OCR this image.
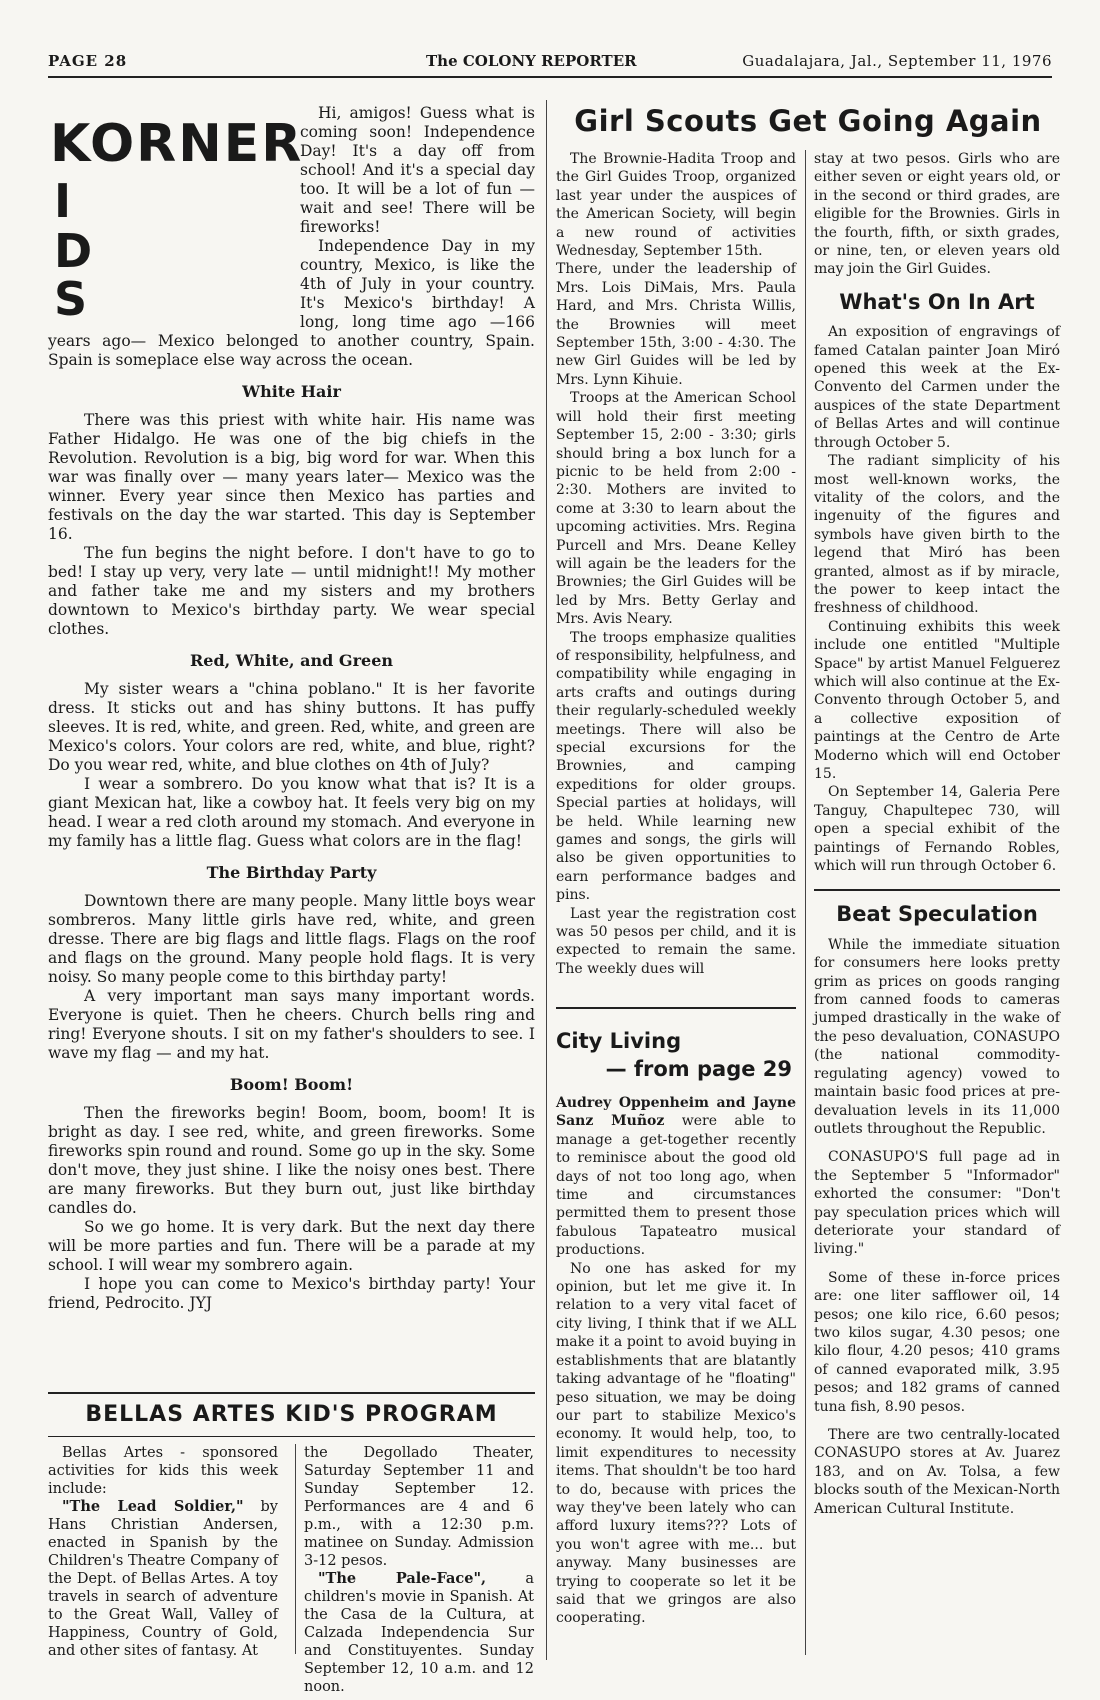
PAGE 28	The COLONY REPORTER	Guadalajara, Jal., September 11, 1976
KORNER
I
D
S

Hi, amigos! Guess what is coming soon! Independence Day! It's a day off from school! And it's a special day too. It will be a lot of fun — wait and see! There will be fireworks!

Independence Day in my country, Mexico, is like the 4th of July in your country. It's Mexico's birthday! A long, long time ago —166 years ago— Mexico belonged to another country, Spain. Spain is someplace else way across the ocean.

White Hair

There was this priest with white hair. His name was Father Hidalgo. He was one of the big chiefs in the Revolution. Revolution is a big, big word for war. When this war was finally over — many years later— Mexico was the winner. Every year since then Mexico has parties and festivals on the day the war started. This day is September 16.

The fun begins the night before. I don't have to go to bed! I stay up very, very late — until midnight!! My mother and father take me and my sisters and my brothers downtown to Mexico's birthday party. We wear special clothes.

Red, White, and Green

My sister wears a "china poblano." It is her favorite dress. It sticks out and has shiny buttons. It has puffy sleeves. It is red, white, and green. Red, white, and green are Mexico's colors. Your colors are red, white, and blue, right? Do you wear red, white, and blue clothes on 4th of July?

I wear a sombrero. Do you know what that is? It is a giant Mexican hat, like a cowboy hat. It feels very big on my head. I wear a red cloth around my stomach. And everyone in my family has a little flag. Guess what colors are in the flag!

The Birthday Party

Downtown there are many people. Many little boys wear sombreros. Many little girls have red, white, and green dresse. There are big flags and little flags. Flags on the roof and flags on the ground. Many people hold flags. It is very noisy. So many people come to this birthday party!

A very important man says many important words. Everyone is quiet. Then he cheers. Church bells ring and ring! Everyone shouts. I sit on my father's shoulders to see. I wave my flag — and my hat.

Boom! Boom!

Then the fireworks begin! Boom, boom, boom! It is bright as day. I see red, white, and green fireworks. Some fireworks spin round and round. Some go up in the sky. Some don't move, they just shine. I like the noisy ones best. There are many fireworks. But they burn out, just like birthday candles do.

So we go home. It is very dark. But the next day there will be more parties and fun. There will be a parade at my school. I will wear my sombrero again.

I hope you can come to Mexico's birthday party! Your friend, Pedrocito. JYJ

BELLAS ARTES KID'S PROGRAM

Bellas Artes - sponsored activities for kids this week include:

"The Lead Soldier," by Hans Christian Andersen, enacted in Spanish by the Children's Theatre Company of the Dept. of Bellas Artes. A toy travels in search of adventure to the Great Wall, Valley of Happiness, Country of Gold, and other sites of fantasy. At

the Degollado Theater, Saturday September 11 and Sunday September 12. Performances are 4 and 6 p.m., with a 12:30 p.m. matinee on Sunday. Admission 3-12 pesos.

"The Pale-Face", a children's movie in Spanish. At the Casa de la Cultura, at Calzada Independencia Sur and Constituyentes. Sunday September 12, 10 a.m. and 12 noon.

Girl Scouts Get Going Again

The Brownie-Hadita Troop and the Girl Guides Troop, organized last year under the auspices of the American Society, will begin a new round of activities Wednesday, September 15th.

There, under the leadership of Mrs. Lois DiMais, Mrs. Paula Hard, and Mrs. Christa Willis, the Brownies will meet September 15th, 3:00 - 4:30. The new Girl Guides will be led by Mrs. Lynn Kihuie.

Troops at the American School will hold their first meeting September 15, 2:00 - 3:30; girls should bring a box lunch for a picnic to be held from 2:00 - 2:30. Mothers are invited to come at 3:30 to learn about the upcoming activities. Mrs. Regina Purcell and Mrs. Deane Kelley will again be the leaders for the Brownies; the Girl Guides will be led by Mrs. Betty Gerlay and Mrs. Avis Neary.

The troops emphasize qualities of responsibility, helpfulness, and compatibility while engaging in arts crafts and outings during their regularly-scheduled weekly meetings. There will also be special excursions for the Brownies, and camping expeditions for older groups. Special parties at holidays, will be held. While learning new games and songs, the girls will also be given opportunities to earn performance badges and pins.

Last year the registration cost was 50 pesos per child, and it is expected to remain the same. The weekly dues will

City Living
— from page 29

Audrey Oppenheim and Jayne Sanz Muñoz were able to manage a get-together recently to reminisce about the good old days of not too long ago, when time and circumstances permitted them to present those fabulous Tapateatro musical productions.

No one has asked for my opinion, but let me give it. In relation to a very vital facet of city living, I think that if we ALL make it a point to avoid buying in establishments that are blatantly taking advantage of he "floating" peso situation, we may be doing our part to stabilize Mexico's economy. It would help, too, to limit expenditures to necessity items. That shouldn't be too hard to do, because with prices the way they've been lately who can afford luxury items??? Lots of you won't agree with me... but anyway. Many businesses are trying to cooperate so let it be said that we gringos are also cooperating.

stay at two pesos. Girls who are either seven or eight years old, or in the second or third grades, are eligible for the Brownies. Girls in the fourth, fifth, or sixth grades, or nine, ten, or eleven years old may join the Girl Guides.

What's On In Art

An exposition of engravings of famed Catalan painter Joan Miró opened this week at the Ex-Convento del Carmen under the auspices of the state Department of Bellas Artes and will continue through October 5.

The radiant simplicity of his most well-known works, the vitality of the colors, and the ingenuity of the figures and symbols have given birth to the legend that Miró has been granted, almost as if by miracle, the power to keep intact the freshness of childhood.

Continuing exhibits this week include one entitled "Multiple Space" by artist Manuel Felguerez which will also continue at the Ex-Convento through October 5, and a collective exposition of paintings at the Centro de Arte Moderno which will end October 15.

On September 14, Galeria Pere Tanguy, Chapultepec 730, will open a special exhibit of the paintings of Fernando Robles, which will run through October 6.

Beat Speculation

While the immediate situation for consumers here looks pretty grim as prices on goods ranging from canned foods to cameras jumped drastically in the wake of the peso devaluation, CONASUPO (the national commodity-regulating agency) vowed to maintain basic food prices at pre-devaluation levels in its 11,000 outlets throughout the Republic.

CONASUPO'S full page ad in the September 5 "Informador" exhorted the consumer: "Don't pay speculation prices which will deteriorate your standard of living."

Some of these in-force prices are: one liter safflower oil, 14 pesos; one kilo rice, 6.60 pesos; two kilos sugar, 4.30 pesos; one kilo flour, 4.20 pesos; 410 grams of canned evaporated milk, 3.95 pesos; and 182 grams of canned tuna fish, 8.90 pesos.

There are two centrally-located CONASUPO stores at Av. Juarez 183, and on Av. Tolsa, a few blocks south of the Mexican-North American Cultural Institute.
